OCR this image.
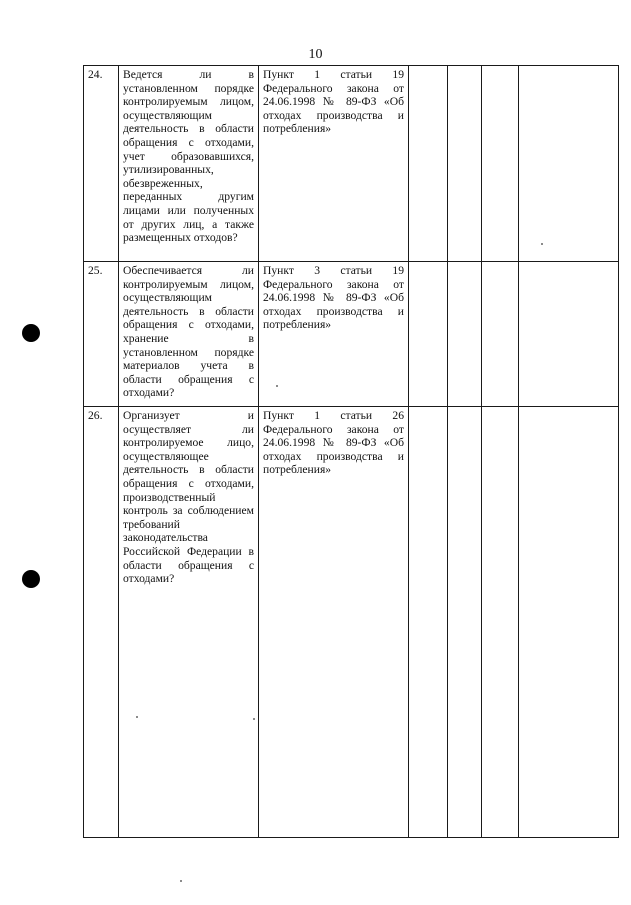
10
24.	Ведется ли в установленном порядке контролируемым лицом, осуществляющим деятельность в области обращения с отходами, учет образовавшихся, утилизированных, обезвреженных, переданных другим лицами или полученных от других лиц, а также размещенных отходов?	Пункт 1 статьи 19 Федерального закона от 24.06.1998 № 89-ФЗ «Об отходах производства и потребления»				
25.	Обеспечивается ли контролируемым лицом, осуществляющим деятельность в области обращения с отходами, хранение в установленном порядке материалов учета в области обращения с отходами?	Пункт 3 статьи 19 Федерального закона от 24.06.1998 № 89-ФЗ «Об отходах производства и потребления»				
26.	Организует и осуществляет ли контролируемое лицо, осуществляющее деятельность в области обращения с отходами, производственный контроль за соблюдением требований законодательства Российской Федерации в области обращения с отходами?	Пункт 1 статьи 26 Федерального закона от 24.06.1998 № 89-ФЗ «Об отходах производства и потребления»				
